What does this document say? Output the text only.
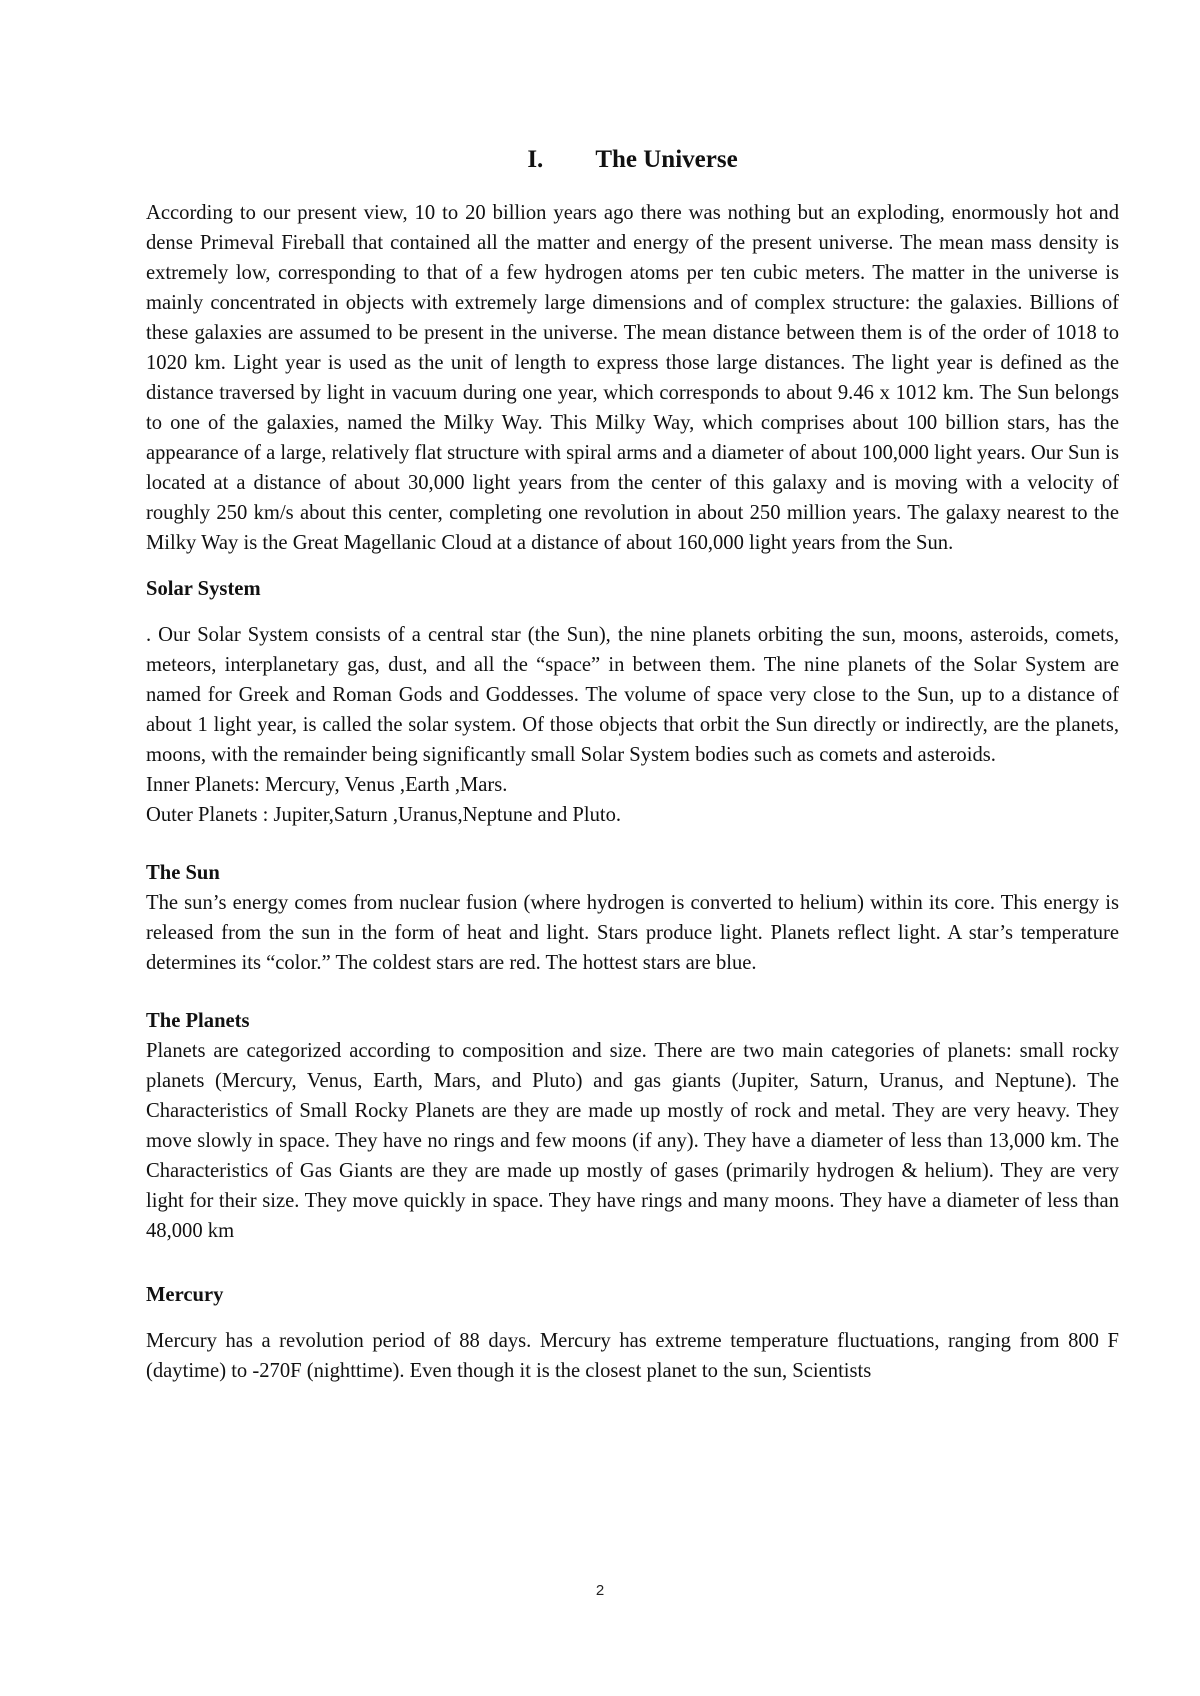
I. The Universe

According to our present view, 10 to 20 billion years ago there was nothing but an exploding, enormously hot and dense Primeval Fireball that contained all the matter and energy of the present universe. The mean mass density is extremely low, corresponding to that of a few hydrogen atoms per ten cubic meters. The matter in the universe is mainly concentrated in objects with extremely large dimensions and of complex structure: the galaxies. Billions of these galaxies are assumed to be present in the universe. The mean distance between them is of the order of 1018 to 1020 km. Light year is used as the unit of length to express those large distances. The light year is defined as the distance traversed by light in vacuum during one year, which corresponds to about 9.46 x 1012 km. The Sun belongs to one of the galaxies, named the Milky Way. This Milky Way, which comprises about 100 billion stars, has the appearance of a large, relatively flat structure with spiral arms and a diameter of about 100,000 light years. Our Sun is located at a distance of about 30,000 light years from the center of this galaxy and is moving with a velocity of roughly 250 km/s about this center, completing one revolution in about 250 million years. The galaxy nearest to the Milky Way is the Great Magellanic Cloud at a distance of about 160,000 light years from the Sun.

Solar System

. Our Solar System consists of a central star (the Sun), the nine planets orbiting the sun, moons, asteroids, comets, meteors, interplanetary gas, dust, and all the “space” in between them. The nine planets of the Solar System are named for Greek and Roman Gods and Goddesses. The volume of space very close to the Sun, up to a distance of about 1 light year, is called the solar system. Of those objects that orbit the Sun directly or indirectly, are the planets, moons, with the remainder being significantly small Solar System bodies such as comets and asteroids.

Inner Planets: Mercury, Venus ,Earth ,Mars.

Outer Planets : Jupiter,Saturn ,Uranus,Neptune and Pluto.

The Sun

The sun’s energy comes from nuclear fusion (where hydrogen is converted to helium) within its core. This energy is released from the sun in the form of heat and light. Stars produce light. Planets reflect light. A star’s temperature determines its “color.” The coldest stars are red. The hottest stars are blue.

The Planets

Planets are categorized according to composition and size. There are two main categories of planets: small rocky planets (Mercury, Venus, Earth, Mars, and Pluto) and gas giants (Jupiter, Saturn, Uranus, and Neptune). The Characteristics of Small Rocky Planets are they are made up mostly of rock and metal. They are very heavy. They move slowly in space. They have no rings and few moons (if any). They have a diameter of less than 13,000 km. The Characteristics of Gas Giants are they are made up mostly of gases (primarily hydrogen & helium). They are very light for their size. They move quickly in space. They have rings and many moons. They have a diameter of less than 48,000 km

Mercury

Mercury has a revolution period of 88 days. Mercury has extreme temperature fluctuations, ranging from 800 F (daytime) to -270F (nighttime). Even though it is the closest planet to the sun, Scientists

2
